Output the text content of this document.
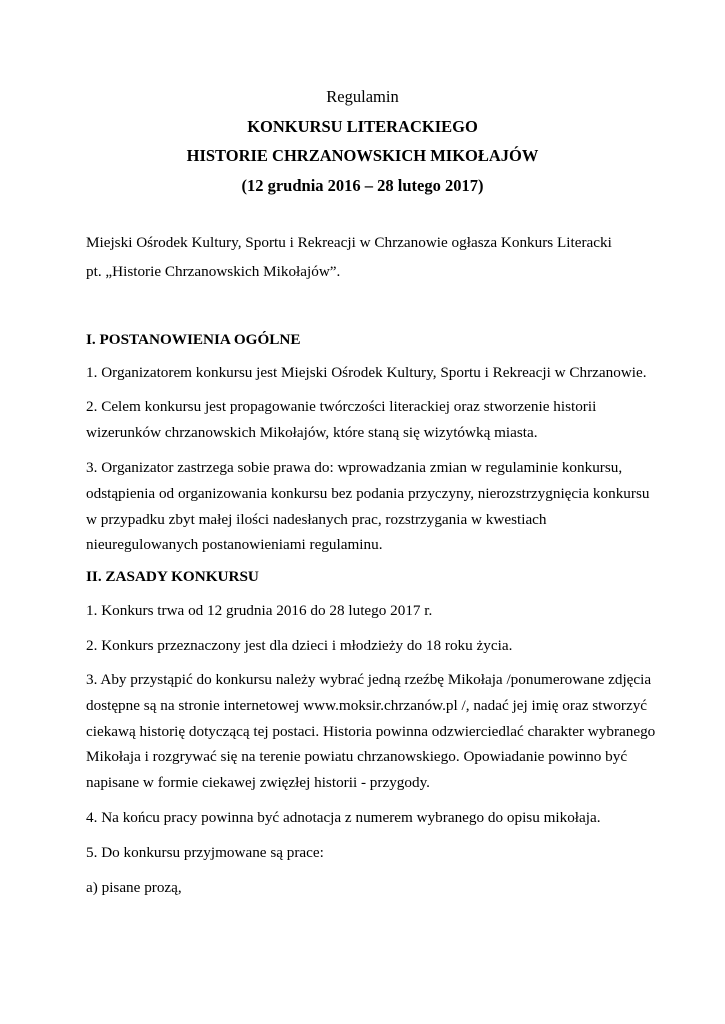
Regulamin

KONKURSU LITERACKIEGO

HISTORIE CHRZANOWSKICH MIKOŁAJÓW

(12 grudnia 2016 – 28 lutego 2017)

Miejski Ośrodek Kultury, Sportu i Rekreacji w Chrzanowie ogłasza Konkurs Literacki

pt. „Historie Chrzanowskich Mikołajów”.

I. POSTANOWIENIA OGÓLNE

1. Organizatorem konkursu jest Miejski Ośrodek Kultury, Sportu i Rekreacji w Chrzanowie.

2. Celem konkursu jest propagowanie twórczości literackiej oraz stworzenie historii

wizerunków chrzanowskich Mikołajów, które staną się wizytówką miasta.

3. Organizator zastrzega sobie prawa do: wprowadzania zmian w regulaminie konkursu,

odstąpienia od organizowania konkursu bez podania przyczyny, nierozstrzygnięcia konkursu

w przypadku zbyt małej ilości nadesłanych prac, rozstrzygania w kwestiach

nieuregulowanych postanowieniami regulaminu.

II. ZASADY KONKURSU

1. Konkurs trwa od 12 grudnia 2016 do 28 lutego 2017 r.

2. Konkurs przeznaczony jest dla dzieci i młodzieży do 18 roku życia.

3. Aby przystąpić do konkursu należy wybrać jedną rzeźbę Mikołaja /ponumerowane zdjęcia

dostępne są na stronie internetowej www.moksir.chrzanów.pl /, nadać jej imię oraz stworzyć

ciekawą historię dotyczącą tej postaci. Historia powinna odzwierciedlać charakter wybranego

Mikołaja i rozgrywać się na terenie powiatu chrzanowskiego. Opowiadanie powinno być

napisane w formie ciekawej zwięzłej historii - przygody.

4. Na końcu pracy powinna być adnotacja z numerem wybranego do opisu mikołaja.

5. Do konkursu przyjmowane są prace:

a) pisane prozą,
